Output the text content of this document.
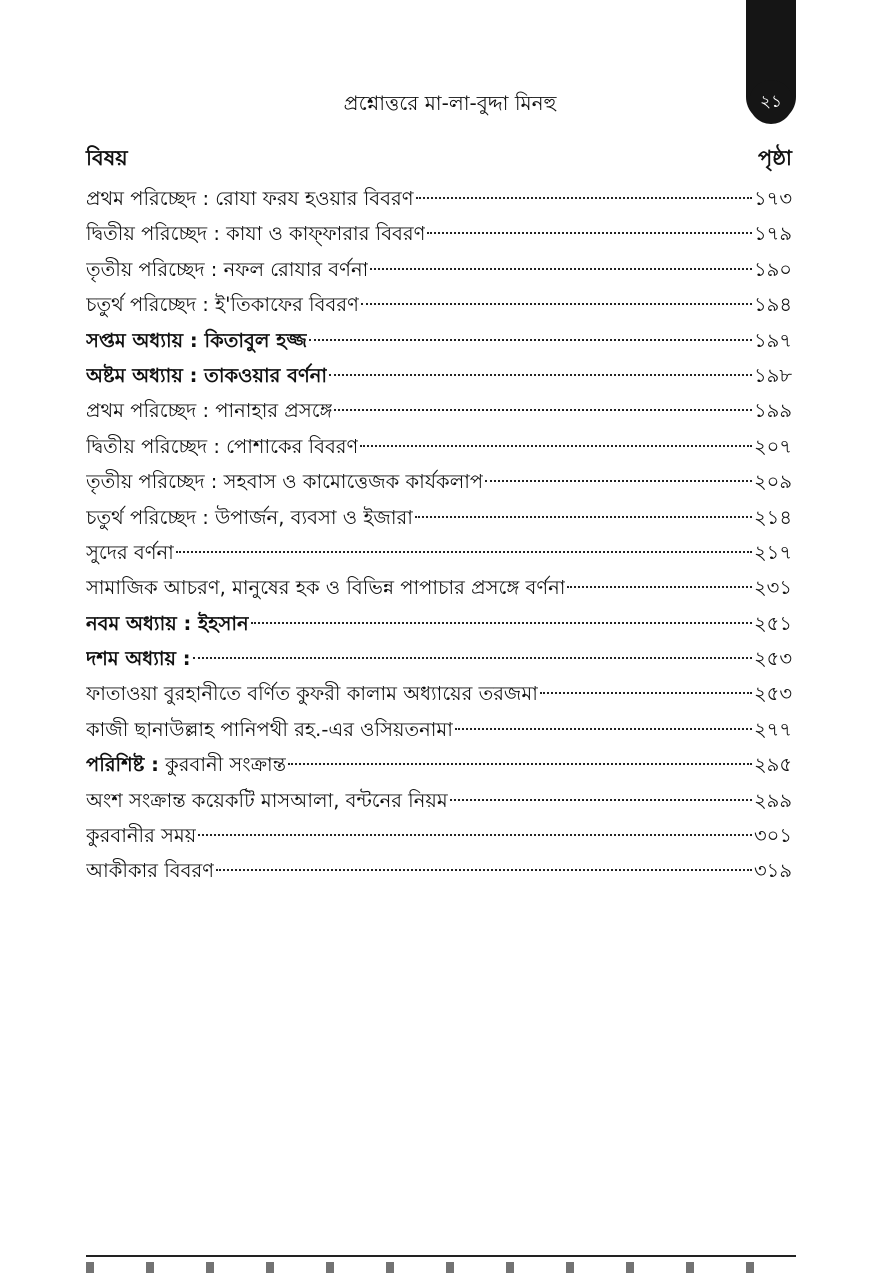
২১
প্রশ্নোত্তরে মা-লা-বুদ্দা মিনহু
বিষয়	পৃষ্ঠা
প্রথম পরিচ্ছেদ : রোযা ফরয হওয়ার বিবরণ	১৭৩
দ্বিতীয় পরিচ্ছেদ : কাযা ও কাফ্ফারার বিবরণ	১৭৯
তৃতীয় পরিচ্ছেদ : নফল রোযার বর্ণনা	১৯০
চতুর্থ পরিচ্ছেদ : ই'তিকাফের বিবরণ	১৯৪
সপ্তম অধ্যায় : কিতাবুল হজ্জ	১৯৭
অষ্টম অধ্যায় : তাকওয়ার বর্ণনা	১৯৮
প্রথম পরিচ্ছেদ : পানাহার প্রসঙ্গে	১৯৯
দ্বিতীয় পরিচ্ছেদ : পোশাকের বিবরণ	২০৭
তৃতীয় পরিচ্ছেদ : সহবাস ও কামোত্তেজক কার্যকলাপ	২০৯
চতুর্থ পরিচ্ছেদ : উপার্জন, ব্যবসা ও ইজারা	২১৪
সুদের বর্ণনা	২১৭
সামাজিক আচরণ, মানুষের হক ও বিভিন্ন পাপাচার প্রসঙ্গে বর্ণনা	২৩১
নবম অধ্যায় : ইহসান	২৫১
দশম অধ্যায় :	২৫৩
ফাতাওয়া বুরহানীতে বর্ণিত কুফরী কালাম অধ্যায়ের তরজমা	২৫৩
কাজী ছানাউল্লাহ পানিপথী রহ.-এর ওসিয়তনামা	২৭৭
পরিশিষ্ট : কুরবানী সংক্রান্ত	২৯৫
অংশ সংক্রান্ত কয়েকটি মাসআলা, বন্টনের নিয়ম	২৯৯
কুরবানীর সময়	৩০১
আকীকার বিবরণ	৩১৯
